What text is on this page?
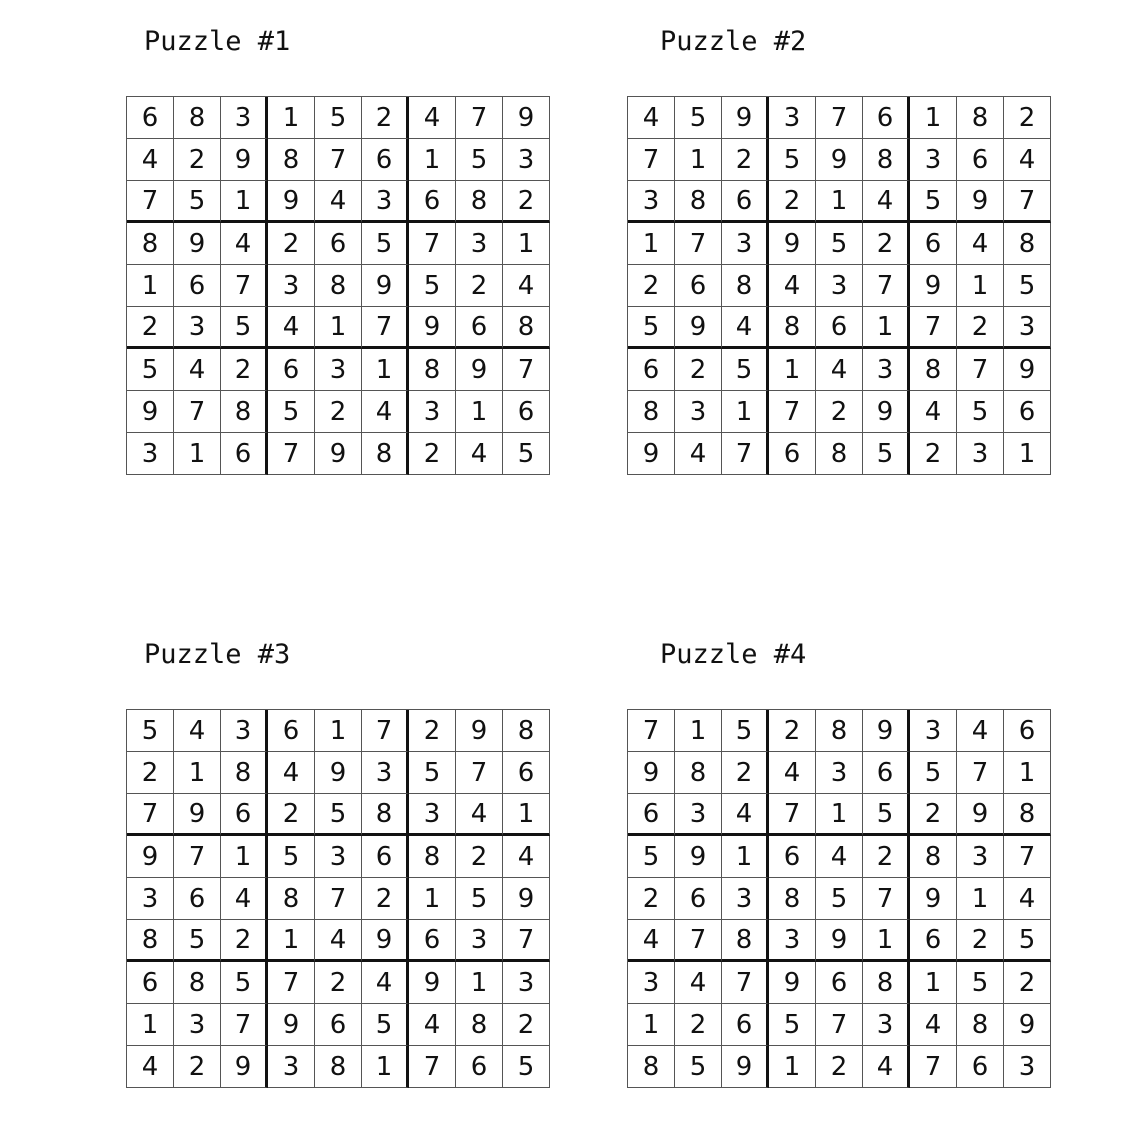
Puzzle #1
6	8	3	1	5	2	4	7	9
4	2	9	8	7	6	1	5	3
7	5	1	9	4	3	6	8	2
8	9	4	2	6	5	7	3	1
1	6	7	3	8	9	5	2	4
2	3	5	4	1	7	9	6	8
5	4	2	6	3	1	8	9	7
9	7	8	5	2	4	3	1	6
3	1	6	7	9	8	2	4	5
Puzzle #2
4	5	9	3	7	6	1	8	2
7	1	2	5	9	8	3	6	4
3	8	6	2	1	4	5	9	7
1	7	3	9	5	2	6	4	8
2	6	8	4	3	7	9	1	5
5	9	4	8	6	1	7	2	3
6	2	5	1	4	3	8	7	9
8	3	1	7	2	9	4	5	6
9	4	7	6	8	5	2	3	1
Puzzle #3
5	4	3	6	1	7	2	9	8
2	1	8	4	9	3	5	7	6
7	9	6	2	5	8	3	4	1
9	7	1	5	3	6	8	2	4
3	6	4	8	7	2	1	5	9
8	5	2	1	4	9	6	3	7
6	8	5	7	2	4	9	1	3
1	3	7	9	6	5	4	8	2
4	2	9	3	8	1	7	6	5
Puzzle #4
7	1	5	2	8	9	3	4	6
9	8	2	4	3	6	5	7	1
6	3	4	7	1	5	2	9	8
5	9	1	6	4	2	8	3	7
2	6	3	8	5	7	9	1	4
4	7	8	3	9	1	6	2	5
3	4	7	9	6	8	1	5	2
1	2	6	5	7	3	4	8	9
8	5	9	1	2	4	7	6	3
